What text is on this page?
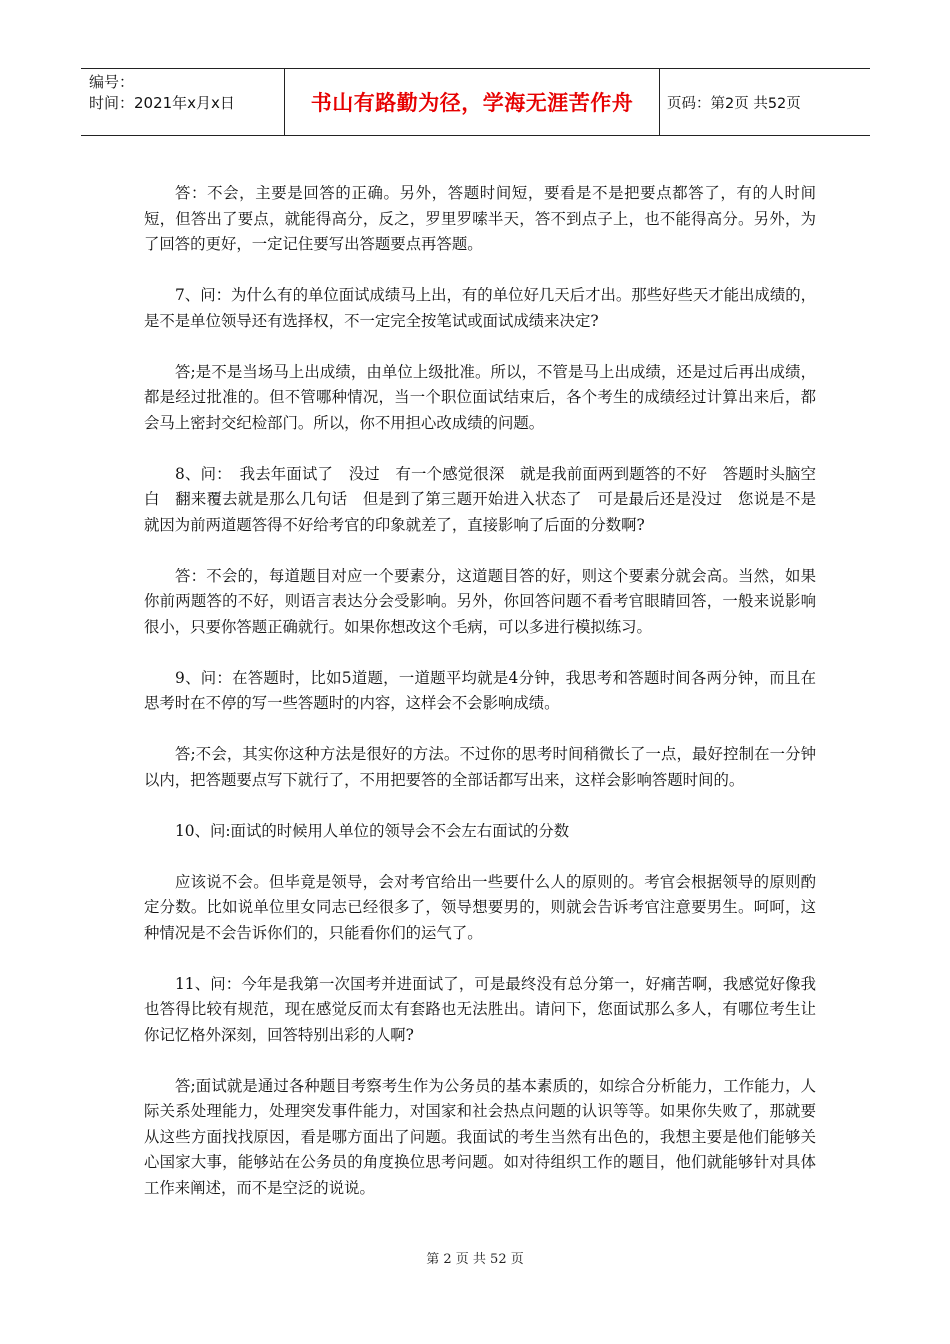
编号：
时间：2021年x月x日	书山有路勤为径，学海无涯苦作舟	页码：第2页 共52页

答：不会，主要是回答的正确。另外，答题时间短，要看是不是把要点都答了，有的人时间短，但答出了要点，就能得高分，反之，罗里罗嗦半天，答不到点子上，也不能得高分。另外，为了回答的更好，一定记住要写出答题要点再答题。

7、问：为什么有的单位面试成绩马上出，有的单位好几天后才出。那些好些天才能出成绩的，是不是单位领导还有选择权，不一定完全按笔试或面试成绩来决定?

答;是不是当场马上出成绩，由单位上级批准。所以，不管是马上出成绩，还是过后再出成绩，都是经过批准的。但不管哪种情况，当一个职位面试结束后，各个考生的成绩经过计算出来后，都会马上密封交纪检部门。所以，你不用担心改成绩的问题。

8、问：　我去年面试了　没过　有一个感觉很深　就是我前面两到题答的不好　答题时头脑空白　翻来覆去就是那么几句话　但是到了第三题开始进入状态了　可是最后还是没过　您说是不是就因为前两道题答得不好给考官的印象就差了，直接影响了后面的分数啊?

答：不会的，每道题目对应一个要素分，这道题目答的好，则这个要素分就会高。当然，如果你前两题答的不好，则语言表达分会受影响。另外，你回答问题不看考官眼睛回答，一般来说影响很小，只要你答题正确就行。如果你想改这个毛病，可以多进行模拟练习。

9、问：在答题时，比如5道题，一道题平均就是4分钟，我思考和答题时间各两分钟，而且在思考时在不停的写一些答题时的内容，这样会不会影响成绩。

答;不会，其实你这种方法是很好的方法。不过你的思考时间稍微长了一点，最好控制在一分钟以内，把答题要点写下就行了，不用把要答的全部话都写出来，这样会影响答题时间的。

10、问:面试的时候用人单位的领导会不会左右面试的分数

应该说不会。但毕竟是领导，会对考官给出一些要什么人的原则的。考官会根据领导的原则酌定分数。比如说单位里女同志已经很多了，领导想要男的，则就会告诉考官注意要男生。呵呵，这种情况是不会告诉你们的，只能看你们的运气了。

11、问：今年是我第一次国考并进面试了，可是最终没有总分第一，好痛苦啊，我感觉好像我也答得比较有规范，现在感觉反而太有套路也无法胜出。请问下，您面试那么多人，有哪位考生让你记忆格外深刻，回答特别出彩的人啊?

答;面试就是通过各种题目考察考生作为公务员的基本素质的，如综合分析能力，工作能力，人际关系处理能力，处理突发事件能力，对国家和社会热点问题的认识等等。如果你失败了，那就要从这些方面找找原因，看是哪方面出了问题。我面试的考生当然有出色的，我想主要是他们能够关心国家大事，能够站在公务员的角度换位思考问题。如对待组织工作的题目，他们就能够针对具体工作来阐述，而不是空泛的说说。

第 2 页 共 52 页
